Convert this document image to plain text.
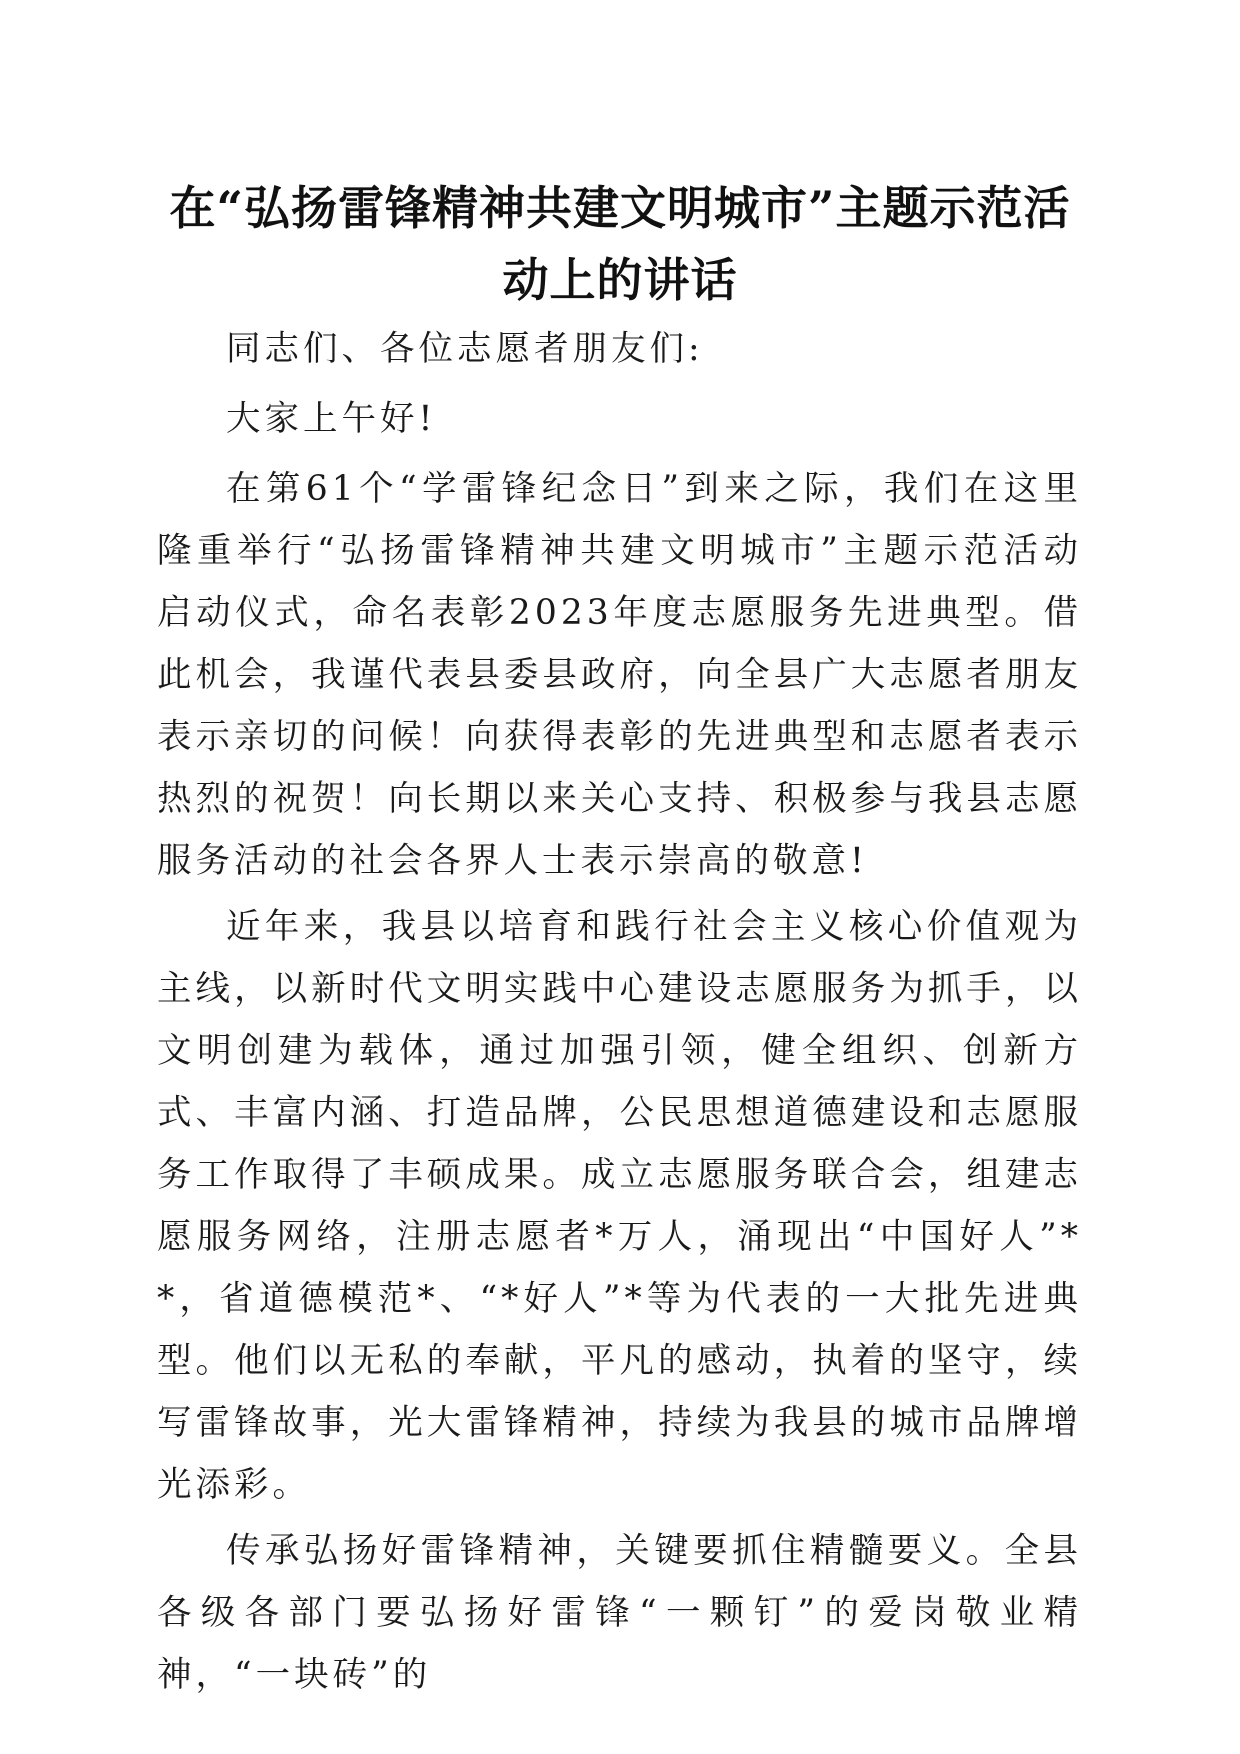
在“弘扬雷锋精神共建文明城市”主题示范活动上的讲话

同志们、各位志愿者朋友们:

大家上午好!

在第61个“学雷锋纪念日”到来之际，我们在这里隆重举行“弘扬雷锋精神共建文明城市”主题示范活动启动仪式，命名表彰2023年度志愿服务先进典型。借此机会，我谨代表县委县政府，向全县广大志愿者朋友表示亲切的问候！向获得表彰的先进典型和志愿者表示热烈的祝贺！向长期以来关心支持、积极参与我县志愿服务活动的社会各界人士表示崇高的敬意!

近年来，我县以培育和践行社会主义核心价值观为主线，以新时代文明实践中心建设志愿服务为抓手，以文明创建为载体，通过加强引领，健全组织、创新方式、丰富内涵、打造品牌，公民思想道德建设和志愿服务工作取得了丰硕成果。成立志愿服务联合会，组建志愿服务网络，注册志愿者*万人，涌现出“中国好人”**，省道德模范*、“*好人”*等为代表的一大批先进典型。他们以无私的奉献，平凡的感动，执着的坚守，续写雷锋故事，光大雷锋精神，持续为我县的城市品牌增光添彩。

传承弘扬好雷锋精神，关键要抓住精髓要义。全县各级各部门要弘扬好雷锋“一颗钉”的爱岗敬业精神，“一块砖”的
